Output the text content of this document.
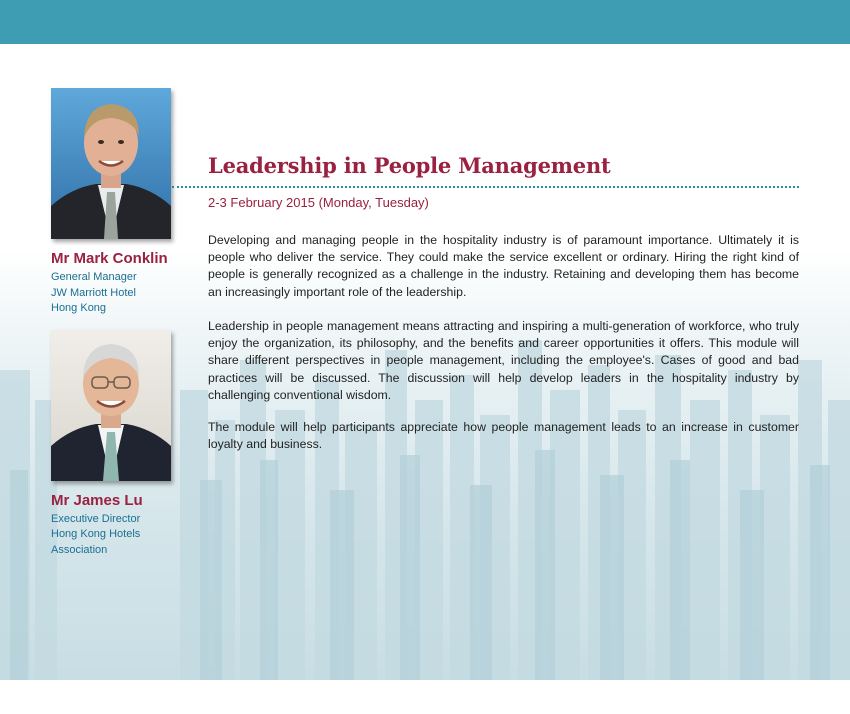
Mr Mark Conklin
General Manager
JW Marriott Hotel
Hong Kong
Mr James Lu
Executive Director
Hong Kong Hotels
Association
Leadership in People Management
2-3 February 2015 (Monday, Tuesday)

Developing and managing people in the hospitality industry is of paramount importance. Ultimately it is people who deliver the service. They could make the service excellent or ordinary. Hiring the right kind of people is generally recognized as a challenge in the industry. Retaining and developing them has become an increasingly important role of the leadership.

Leadership in people management means attracting and inspiring a multi-generation of workforce, who truly enjoy the organization, its philosophy, and the benefits and career opportunities it offers. This module will share different perspectives in people management, including the employee's. Cases of good and bad practices will be discussed. The discussion will help develop leaders in the hospitality industry by challenging conventional wisdom.

The module will help participants appreciate how people management leads to an increase in customer loyalty and business.
